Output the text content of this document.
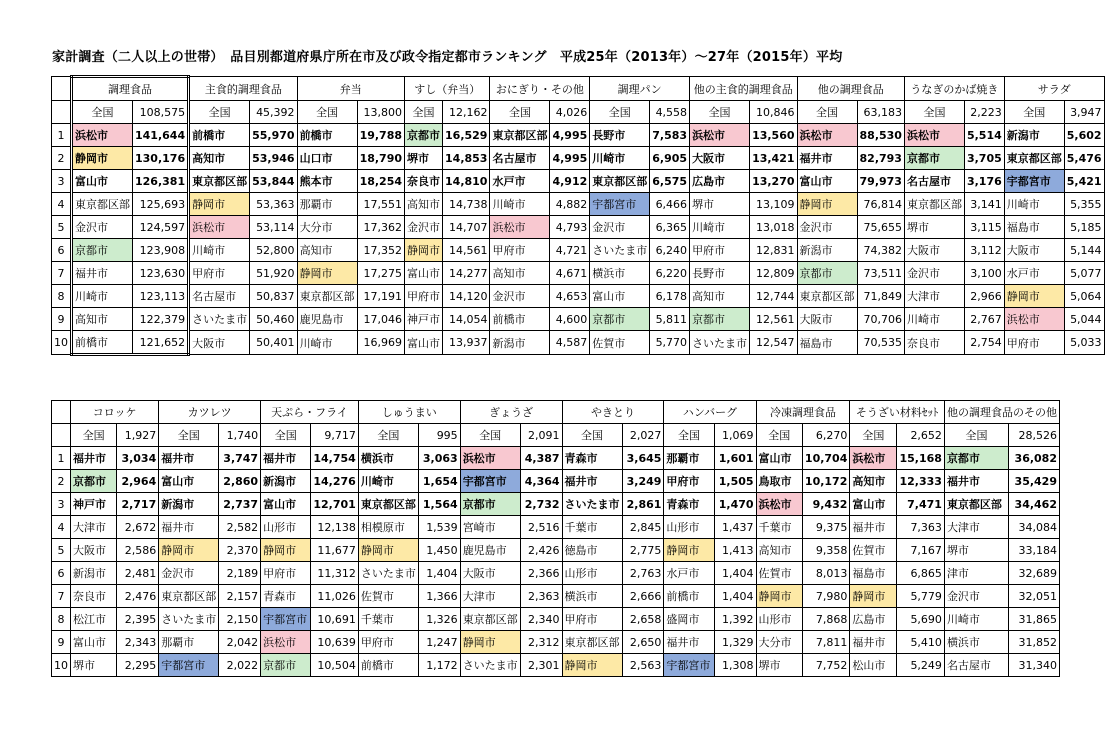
家計調査（二人以上の世帯）　品目別都道府県庁所在市及び政令指定都市ランキング　平成25年（2013年）～27年（2015年）平均
	調理食品		主食的調理食品		弁当		すし（弁当）		おにぎり・その他		調理パン		他の主食的調理食品		他の調理食品		うなぎのかば焼き		サラダ	
	全国	108,575	全国	45,392	全国	13,800	全国	12,162	全国	4,026	全国	4,558	全国	10,846	全国	63,183	全国	2,223	全国	3,947
1	浜松市	141,644	前橋市	55,970	前橋市	19,788	京都市	16,529	東京都区部	4,995	長野市	7,583	浜松市	13,560	浜松市	88,530	浜松市	5,514	新潟市	5,602
2	静岡市	130,176	高知市	53,946	山口市	18,790	堺市	14,853	名古屋市	4,995	川崎市	6,905	大阪市	13,421	福井市	82,793	京都市	3,705	東京都区部	5,476
3	富山市	126,381	東京都区部	53,844	熊本市	18,254	奈良市	14,810	水戸市	4,912	東京都区部	6,575	広島市	13,270	富山市	79,973	名古屋市	3,176	宇都宮市	5,421
4	東京都区部	125,693	静岡市	53,363	那覇市	17,551	高知市	14,738	川崎市	4,882	宇都宮市	6,466	堺市	13,109	静岡市	76,814	東京都区部	3,141	川崎市	5,355
5	金沢市	124,597	浜松市	53,114	大分市	17,362	金沢市	14,707	浜松市	4,793	金沢市	6,365	川崎市	13,018	金沢市	75,655	堺市	3,115	福島市	5,185
6	京都市	123,908	川崎市	52,800	高知市	17,352	静岡市	14,561	甲府市	4,721	さいたま市	6,240	甲府市	12,831	新潟市	74,382	大阪市	3,112	大阪市	5,144
7	福井市	123,630	甲府市	51,920	静岡市	17,275	富山市	14,277	高知市	4,671	横浜市	6,220	長野市	12,809	京都市	73,511	金沢市	3,100	水戸市	5,077
8	川崎市	123,113	名古屋市	50,837	東京都区部	17,191	甲府市	14,120	金沢市	4,653	富山市	6,178	高知市	12,744	東京都区部	71,849	大津市	2,966	静岡市	5,064
9	高知市	122,379	さいたま市	50,460	鹿児島市	17,046	神戸市	14,054	前橋市	4,600	京都市	5,811	京都市	12,561	大阪市	70,706	川崎市	2,767	浜松市	5,044
10	前橋市	121,652	大阪市	50,401	川崎市	16,969	富山市	13,937	新潟市	4,587	佐賀市	5,770	さいたま市	12,547	福島市	70,535	奈良市	2,754	甲府市	5,033
	コロッケ		カツレツ		天ぷら・フライ		しゅうまい		ぎょうざ		やきとり		ハンバーグ		冷凍調理食品		そうざい材料ｾｯﾄ		他の調理食品のその他	
	全国	1,927	全国	1,740	全国	9,717	全国	995	全国	2,091	全国	2,027	全国	1,069	全国	6,270	全国	2,652	全国	28,526
1	福井市	3,034	福井市	3,747	福井市	14,754	横浜市	3,063	浜松市	4,387	青森市	3,645	那覇市	1,601	富山市	10,704	浜松市	15,168	京都市	36,082
2	京都市	2,964	富山市	2,860	新潟市	14,276	川崎市	1,654	宇都宮市	4,364	福井市	3,249	甲府市	1,505	鳥取市	10,172	高知市	12,333	福井市	35,429
3	神戸市	2,717	新潟市	2,737	富山市	12,701	東京都区部	1,564	京都市	2,732	さいたま市	2,861	青森市	1,470	浜松市	9,432	富山市	7,471	東京都区部	34,462
4	大津市	2,672	福井市	2,582	山形市	12,138	相模原市	1,539	宮崎市	2,516	千葉市	2,845	山形市	1,437	千葉市	9,375	福井市	7,363	大津市	34,084
5	大阪市	2,586	静岡市	2,370	静岡市	11,677	静岡市	1,450	鹿児島市	2,426	徳島市	2,775	静岡市	1,413	高知市	9,358	佐賀市	7,167	堺市	33,184
6	新潟市	2,481	金沢市	2,189	甲府市	11,312	さいたま市	1,404	大阪市	2,366	山形市	2,763	水戸市	1,404	佐賀市	8,013	福島市	6,865	津市	32,689
7	奈良市	2,476	東京都区部	2,157	青森市	11,026	佐賀市	1,366	大津市	2,363	横浜市	2,666	前橋市	1,404	静岡市	7,980	静岡市	5,779	金沢市	32,051
8	松江市	2,395	さいたま市	2,150	宇都宮市	10,691	千葉市	1,326	東京都区部	2,340	甲府市	2,658	盛岡市	1,392	山形市	7,868	広島市	5,690	川崎市	31,865
9	富山市	2,343	那覇市	2,042	浜松市	10,639	甲府市	1,247	静岡市	2,312	東京都区部	2,650	福井市	1,329	大分市	7,811	福井市	5,410	横浜市	31,852
10	堺市	2,295	宇都宮市	2,022	京都市	10,504	前橋市	1,172	さいたま市	2,301	静岡市	2,563	宇都宮市	1,308	堺市	7,752	松山市	5,249	名古屋市	31,340
